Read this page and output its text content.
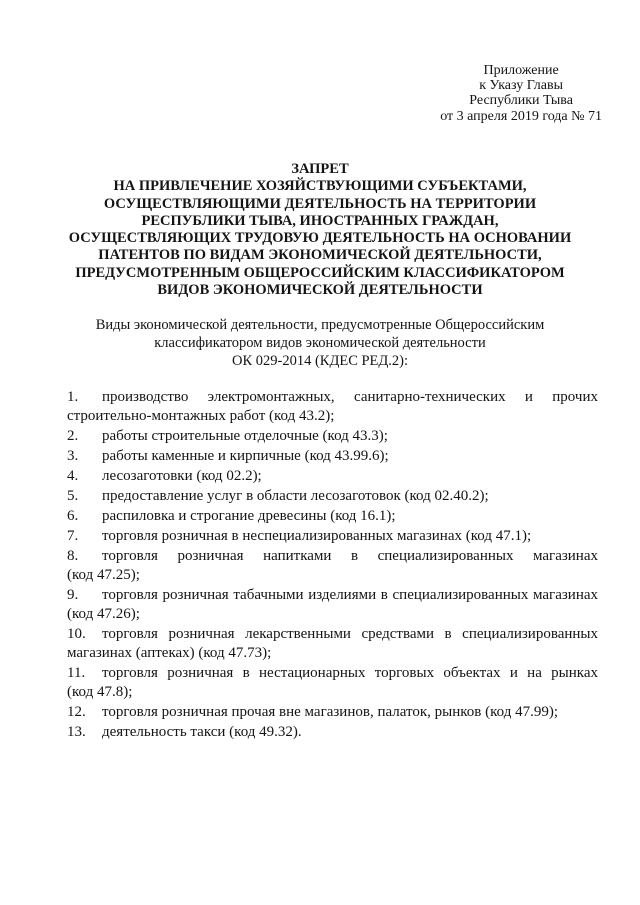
Приложение
к Указу Главы
Республики Тыва
от 3 апреля 2019 года № 71
ЗАПРЕТ
НА ПРИВЛЕЧЕНИЕ ХОЗЯЙСТВУЮЩИМИ СУБЪЕКТАМИ,
ОСУЩЕСТВЛЯЮЩИМИ ДЕЯТЕЛЬНОСТЬ НА ТЕРРИТОРИИ
РЕСПУБЛИКИ ТЫВА, ИНОСТРАННЫХ ГРАЖДАН,
ОСУЩЕСТВЛЯЮЩИХ ТРУДОВУЮ ДЕЯТЕЛЬНОСТЬ НА ОСНОВАНИИ
ПАТЕНТОВ ПО ВИДАМ ЭКОНОМИЧЕСКОЙ ДЕЯТЕЛЬНОСТИ,
ПРЕДУСМОТРЕННЫМ ОБЩЕРОССИЙСКИМ КЛАССИФИКАТОРОМ
ВИДОВ ЭКОНОМИЧЕСКОЙ ДЕЯТЕЛЬНОСТИ
Виды экономической деятельности, предусмотренные Общероссийским
классификатором видов экономической деятельности
ОК 029-2014 (КДЕС РЕД.2):
1.	производство электромонтажных, санитарно-технических и прочих
строительно-монтажных работ (код 43.2);
2.	работы строительные отделочные (код 43.3);
3.	работы каменные и кирпичные (код 43.99.6);
4.	лесозаготовки (код 02.2);
5.	предоставление услуг в области лесозаготовок (код 02.40.2);
6.	распиловка и строгание древесины (код 16.1);
7.	торговля розничная в неспециализированных магазинах (код 47.1);
8.	торговля розничная напитками в специализированных магазинах
(код 47.25);
9.	торговля розничная табачными изделиями в специализированных магазинах
(код 47.26);
10.	торговля розничная лекарственными средствами в специализированных
магазинах (аптеках) (код 47.73);
11.	торговля розничная в нестационарных торговых объектах и на рынках
(код 47.8);
12.	торговля розничная прочая вне магазинов, палаток, рынков (код 47.99);
13.	деятельность такси (код 49.32).
